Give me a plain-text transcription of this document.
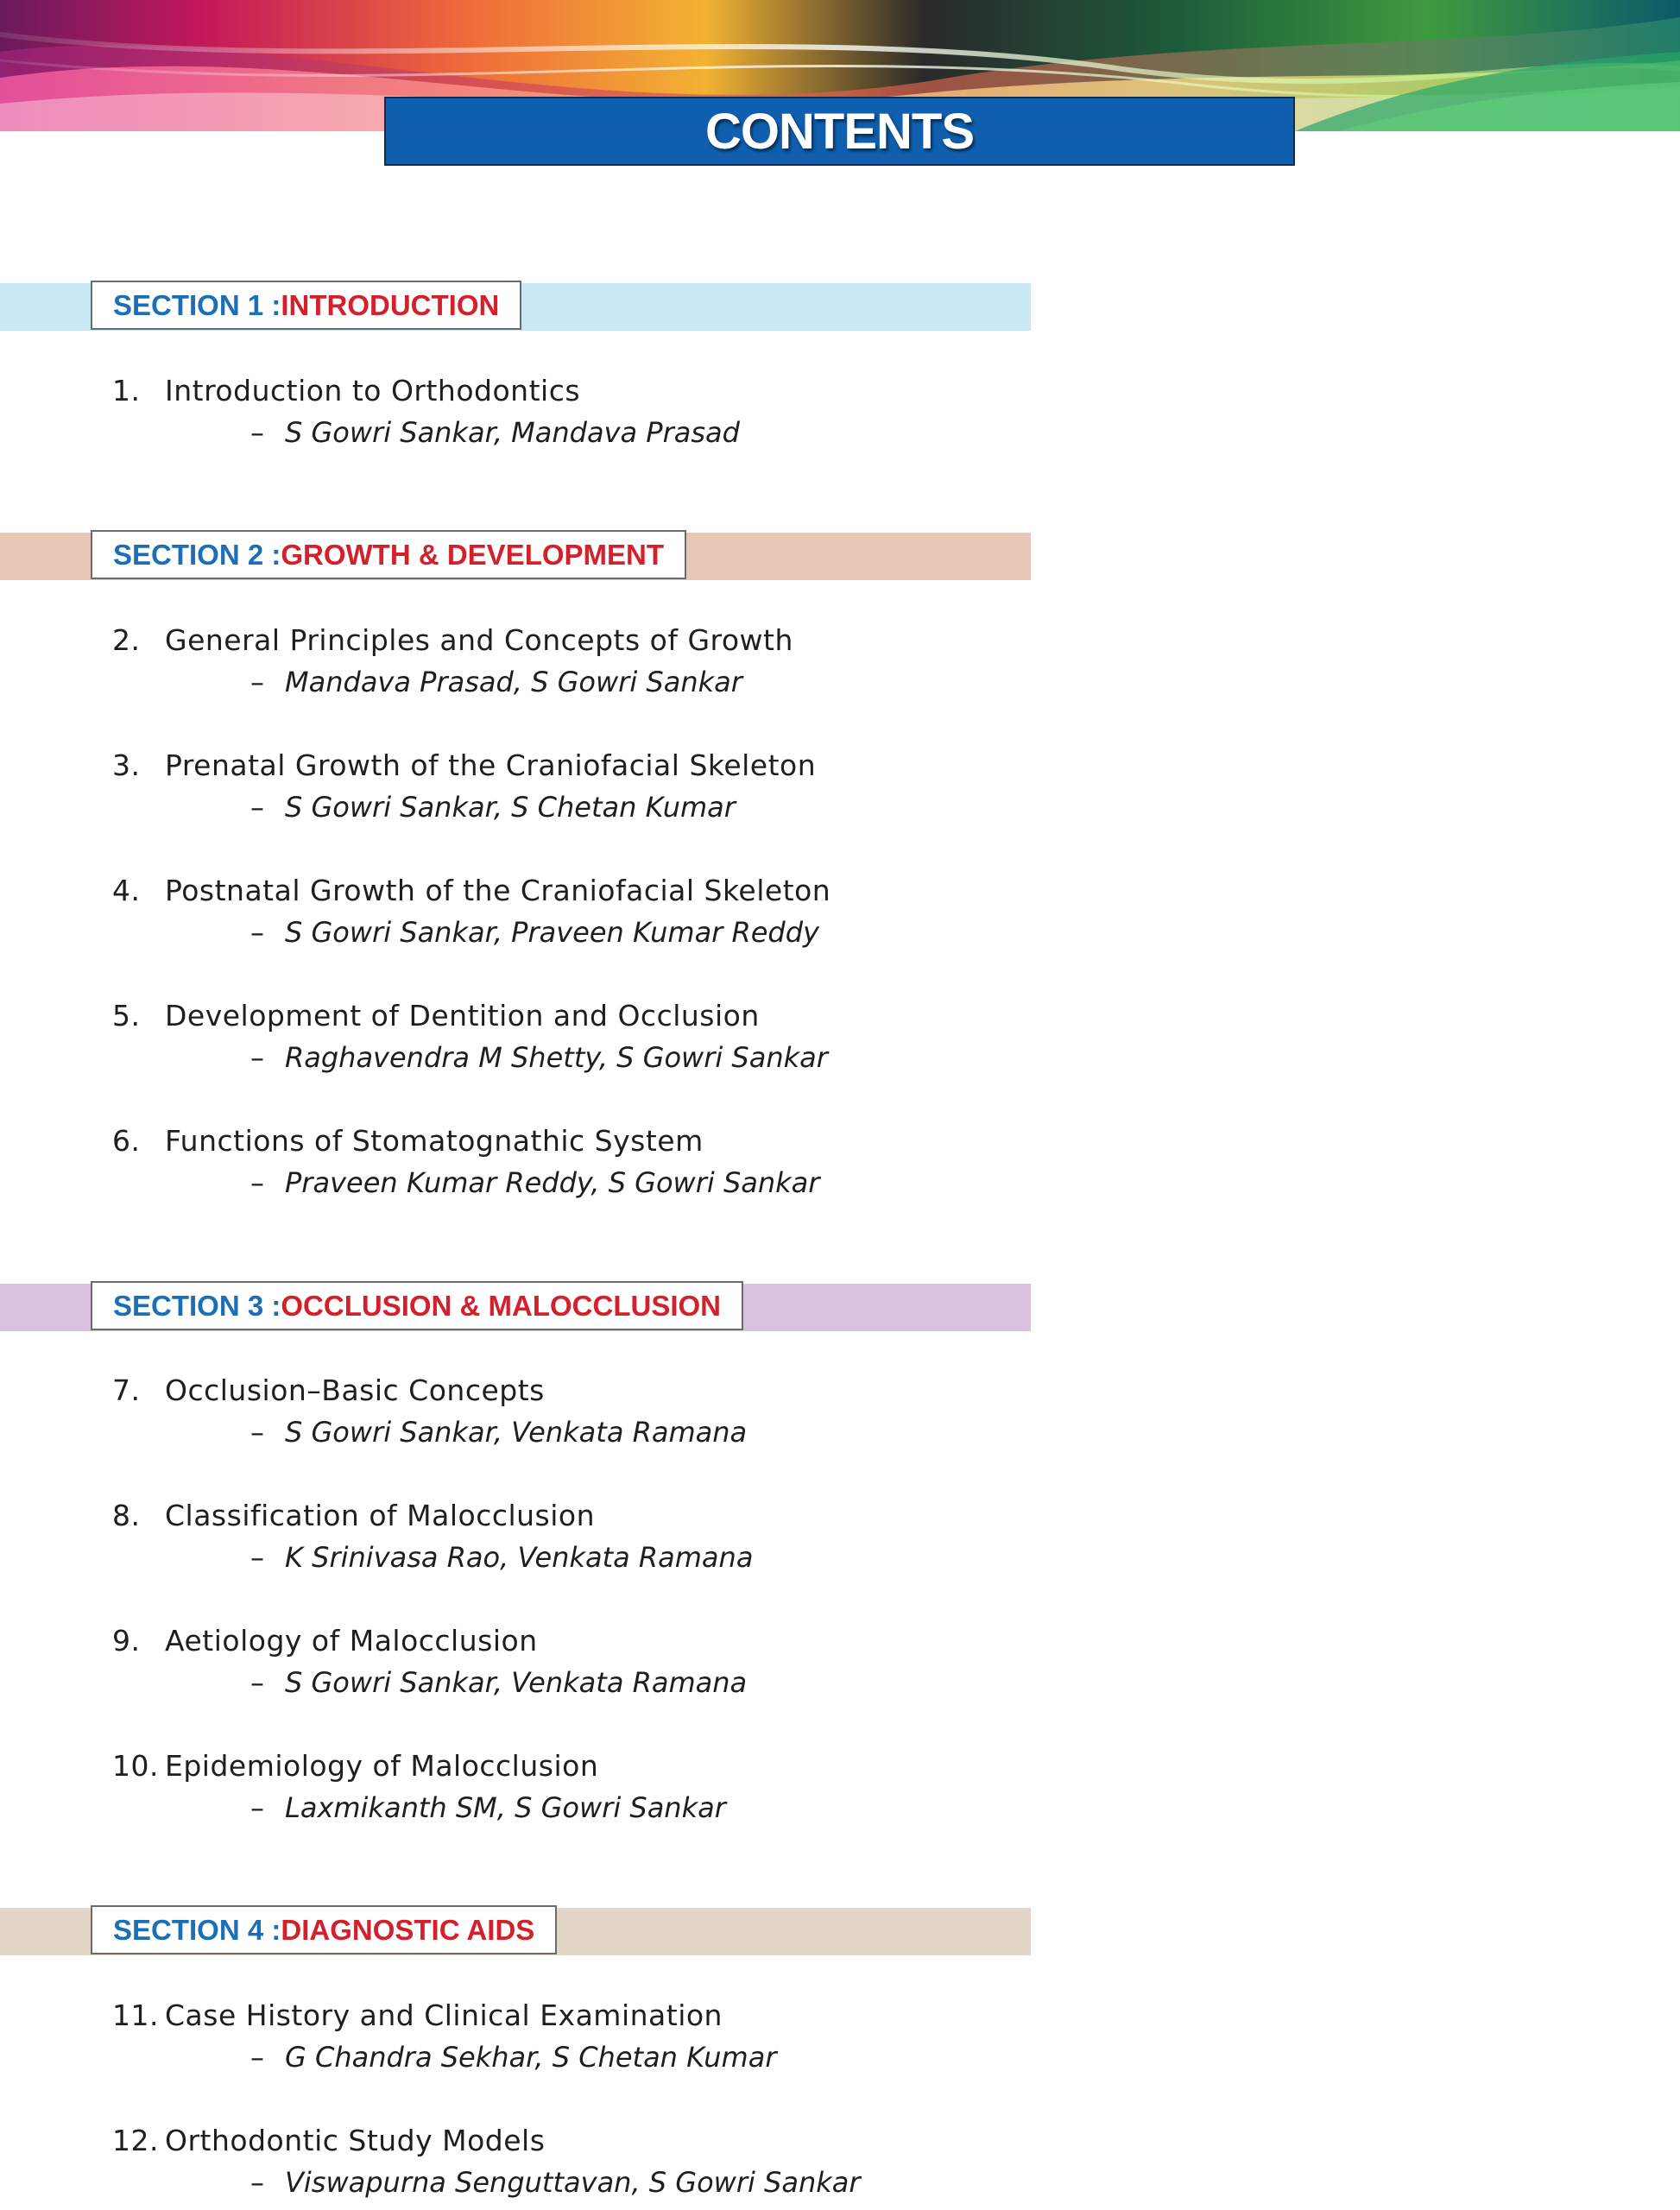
CONTENTS
SECTION 1 : INTRODUCTION
1. Introduction to Orthodontics
– S Gowri Sankar, Mandava Prasad
SECTION 2 : GROWTH & DEVELOPMENT
2. General Principles and Concepts of Growth
– Mandava Prasad, S Gowri Sankar
3. Prenatal Growth of the Craniofacial Skeleton
– S Gowri Sankar, S Chetan Kumar
4. Postnatal Growth of the Craniofacial Skeleton
– S Gowri Sankar, Praveen Kumar Reddy
5. Development of Dentition and Occlusion
– Raghavendra M Shetty, S Gowri Sankar
6. Functions of Stomatognathic System
– Praveen Kumar Reddy, S Gowri Sankar
SECTION 3 : OCCLUSION & MALOCCLUSION
7. Occlusion–Basic Concepts
– S Gowri Sankar, Venkata Ramana
8. Classification of Malocclusion
– K Srinivasa Rao, Venkata Ramana
9. Aetiology of Malocclusion
– S Gowri Sankar, Venkata Ramana
10. Epidemiology of Malocclusion
– Laxmikanth SM, S Gowri Sankar
SECTION 4 : DIAGNOSTIC AIDS
11. Case History and Clinical Examination
– G Chandra Sekhar, S Chetan Kumar
12. Orthodontic Study Models
– Viswapurna Senguttavan, S Gowri Sankar
